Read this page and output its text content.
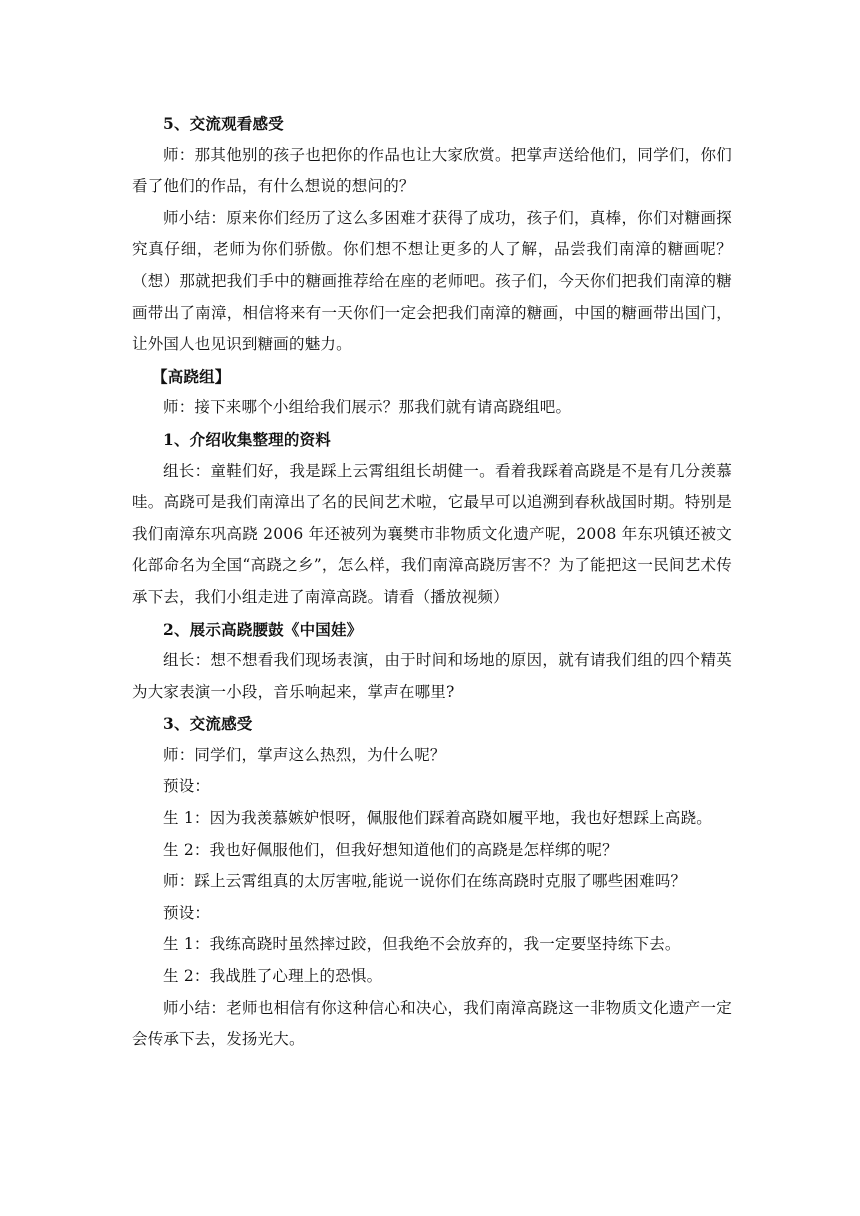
5、交流观看感受

师：那其他别的孩子也把你的作品也让大家欣赏。把掌声送给他们，同学们，你们看了他们的作品，有什么想说的想问的？

师小结：原来你们经历了这么多困难才获得了成功，孩子们，真棒，你们对糖画探究真仔细，老师为你们骄傲。你们想不想让更多的人了解，品尝我们南漳的糖画呢？（想）那就把我们手中的糖画推荐给在座的老师吧。孩子们，今天你们把我们南漳的糖画带出了南漳，相信将来有一天你们一定会把我们南漳的糖画，中国的糖画带出国门，让外国人也见识到糖画的魅力。

【高跷组】

师：接下来哪个小组给我们展示？那我们就有请高跷组吧。

1、介绍收集整理的资料

组长：童鞋们好，我是踩上云霄组组长胡健一。看着我踩着高跷是不是有几分羡慕哇。高跷可是我们南漳出了名的民间艺术啦，它最早可以追溯到春秋战国时期。特别是我们南漳东巩高跷 2006 年还被列为襄樊市非物质文化遗产呢，2008 年东巩镇还被文化部命名为全国“高跷之乡”，怎么样，我们南漳高跷厉害不？为了能把这一民间艺术传承下去，我们小组走进了南漳高跷。请看（播放视频）

2、展示高跷腰鼓《中国娃》

组长：想不想看我们现场表演，由于时间和场地的原因，就有请我们组的四个精英为大家表演一小段，音乐响起来，掌声在哪里?

3、交流感受

师：同学们，掌声这么热烈，为什么呢？

预设：

生 1：因为我羡慕嫉妒恨呀，佩服他们踩着高跷如履平地，我也好想踩上高跷。

生 2：我也好佩服他们，但我好想知道他们的高跷是怎样绑的呢？

师：踩上云霄组真的太厉害啦,能说一说你们在练高跷时克服了哪些困难吗？

预设：

生 1：我练高跷时虽然摔过跤，但我绝不会放弃的，我一定要坚持练下去。

生 2：我战胜了心理上的恐惧。

师小结：老师也相信有你这种信心和决心，我们南漳高跷这一非物质文化遗产一定会传承下去，发扬光大。
